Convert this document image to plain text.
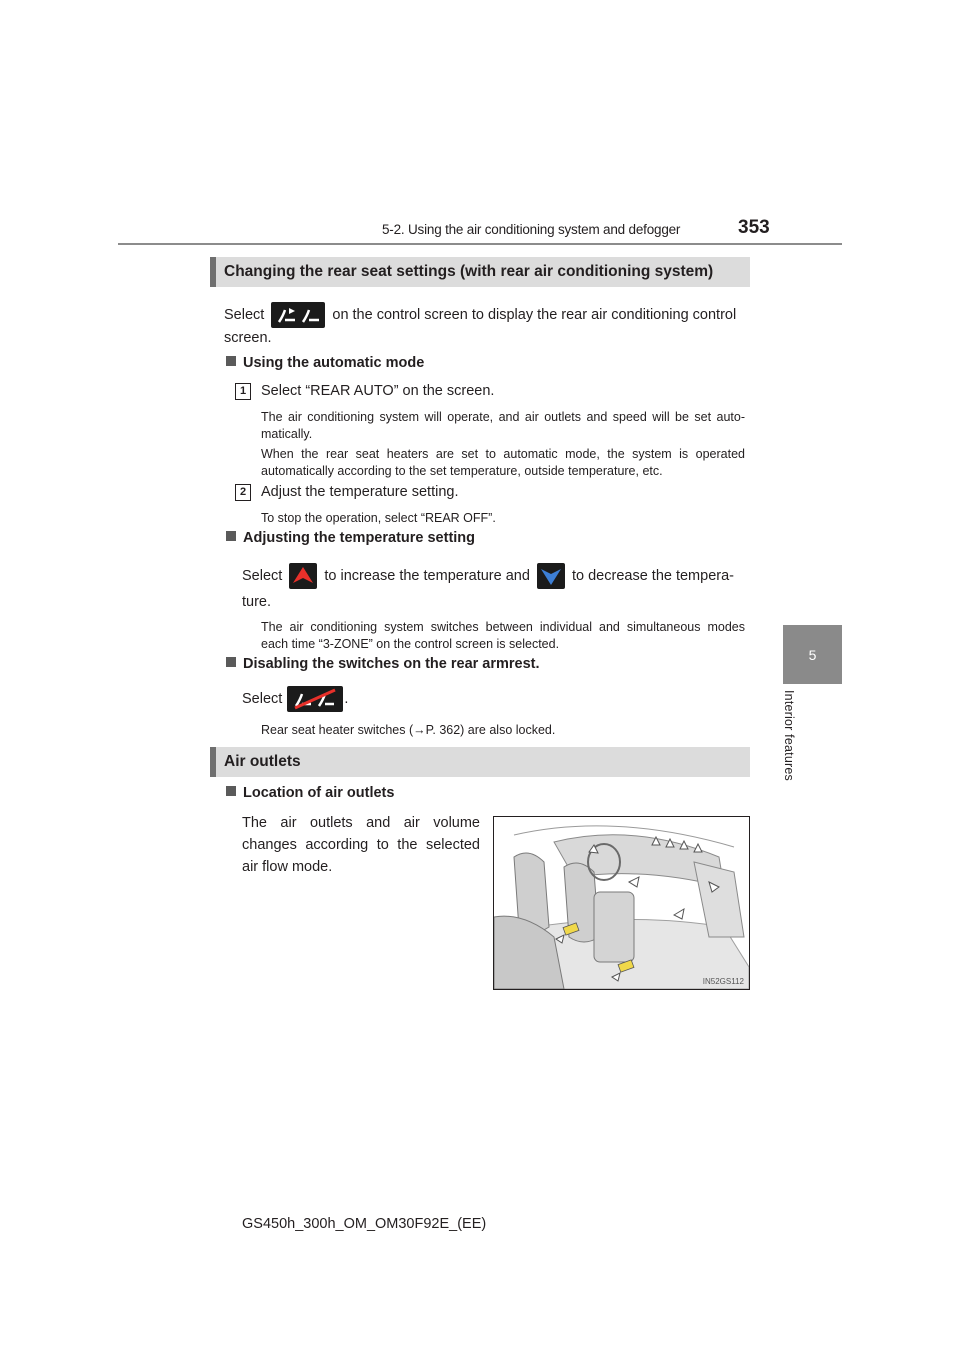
5-2. Using the air conditioning system and defogger	353
5
Interior features
Changing the rear seat settings (with rear air conditioning system)
Select	on the control screen to display the rear air conditioning control
screen.
Using the automatic mode
1	Select “REAR AUTO” on the screen.
The air conditioning system will operate, and air outlets and speed will be set auto-
matically.
When the rear seat heaters are set to automatic mode, the system is operated
automatically according to the set temperature, outside temperature, etc.
2	Adjust the temperature setting.
To stop the operation, select “REAR OFF”.
Adjusting the temperature setting
Select	to increase the temperature and	to decrease the tempera-
ture.
The air conditioning system switches between individual and simultaneous modes
each time “3-ZONE” on the control screen is selected.
Disabling the switches on the rear armrest.
Select	.
Rear seat heater switches (→P. 362) are also locked.
Air outlets
Location of air outlets
The air outlets and air volume
changes according to the selected
air flow mode.
IN52GS112
GS450h_300h_OM_OM30F92E_(EE)
